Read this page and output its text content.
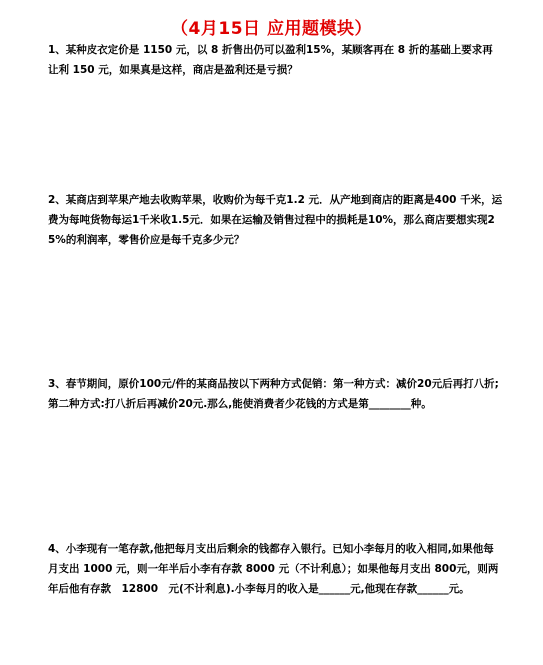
（4月15日 应用题模块）
1、某种皮衣定价是 1150 元，以 8 折售出仍可以盈利15%，某顾客再在 8 折的基础上要求再让利 150 元，如果真是这样，商店是盈利还是亏损？
2、某商店到苹果产地去收购苹果，收购价为每千克1.2 元．从产地到商店的距离是400 千米，运费为每吨货物每运1千米收1.5元．如果在运输及销售过程中的损耗是10%，那么商店要想实现25%的利润率，零售价应是每千克多少元？
3、春节期间，原价100元/件的某商品按以下两种方式促销：第一种方式：减价20元后再打八折;第二种方式:打八折后再减价20元.那么,能使消费者少花钱的方式是第________种。
4、小李现有一笔存款,他把每月支出后剩余的钱都存入银行。已知小李每月的收入相同,如果他每月支出 1000 元，则一年半后小李有存款 8000 元（不计利息）；如果他每月支出 800元，则两年后他有存款　12800　元(不计利息).小李每月的收入是______元,他现在存款______元。
